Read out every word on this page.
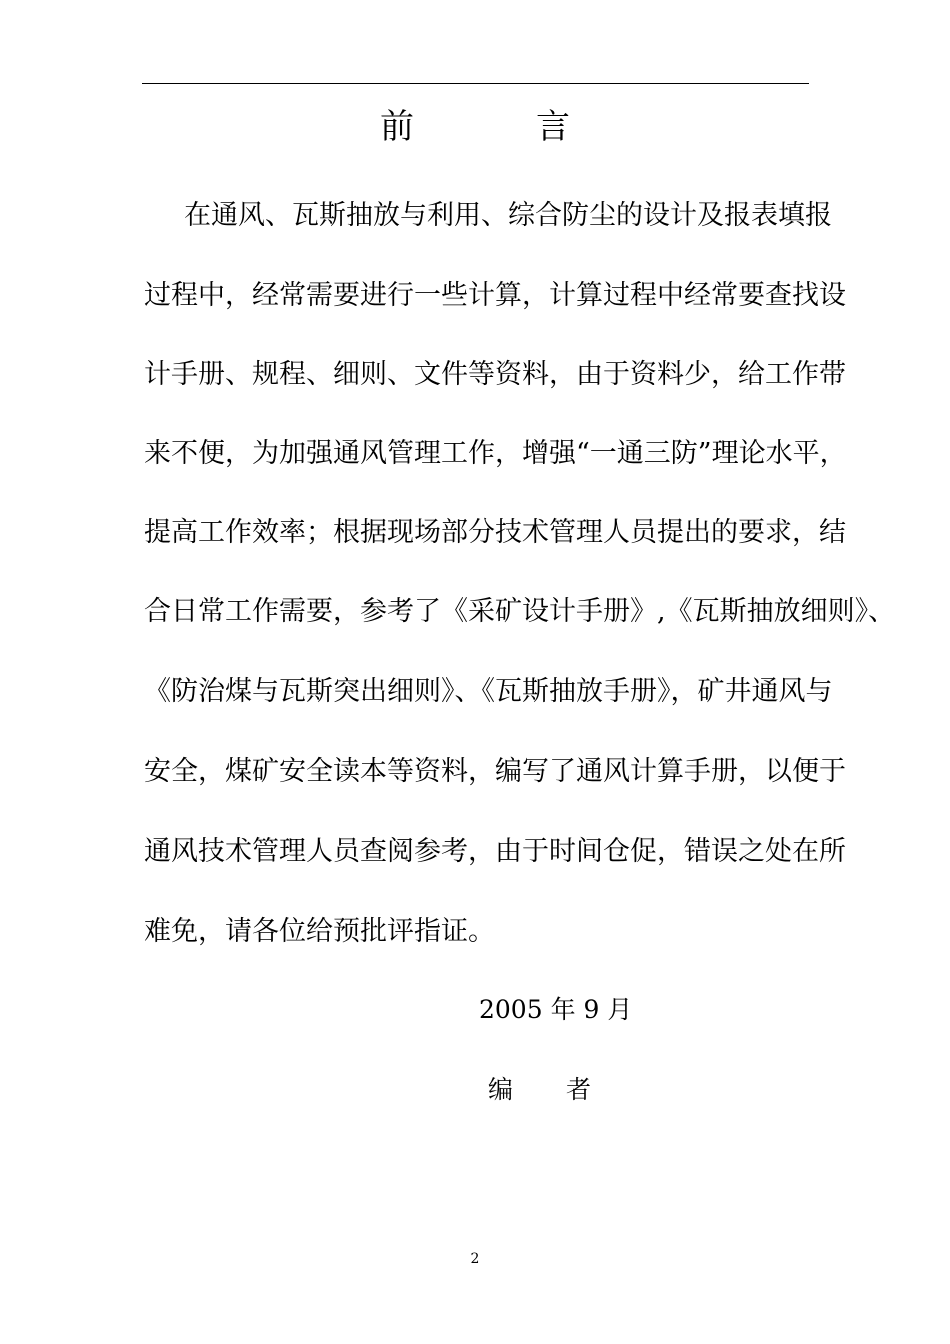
前	言
在通风、瓦斯抽放与利用、综合防尘的设计及报表填报
过程中，经常需要进行一些计算，计算过程中经常要查找设
计手册、规程、细则、文件等资料，由于资料少，给工作带
来不便，为加强通风管理工作，增强“一通三防”理论水平，
提高工作效率；根据现场部分技术管理人员提出的要求，结
合日常工作需要，参考了《采矿设计手册》,《瓦斯抽放细则》、
《防治煤与瓦斯突出细则》、《瓦斯抽放手册》，矿井通风与
安全，煤矿安全读本等资料，编写了通风计算手册，以便于
通风技术管理人员查阅参考，由于时间仓促，错误之处在所
难免，请各位给预批评指证。
2005 年 9 月
编 者
2
